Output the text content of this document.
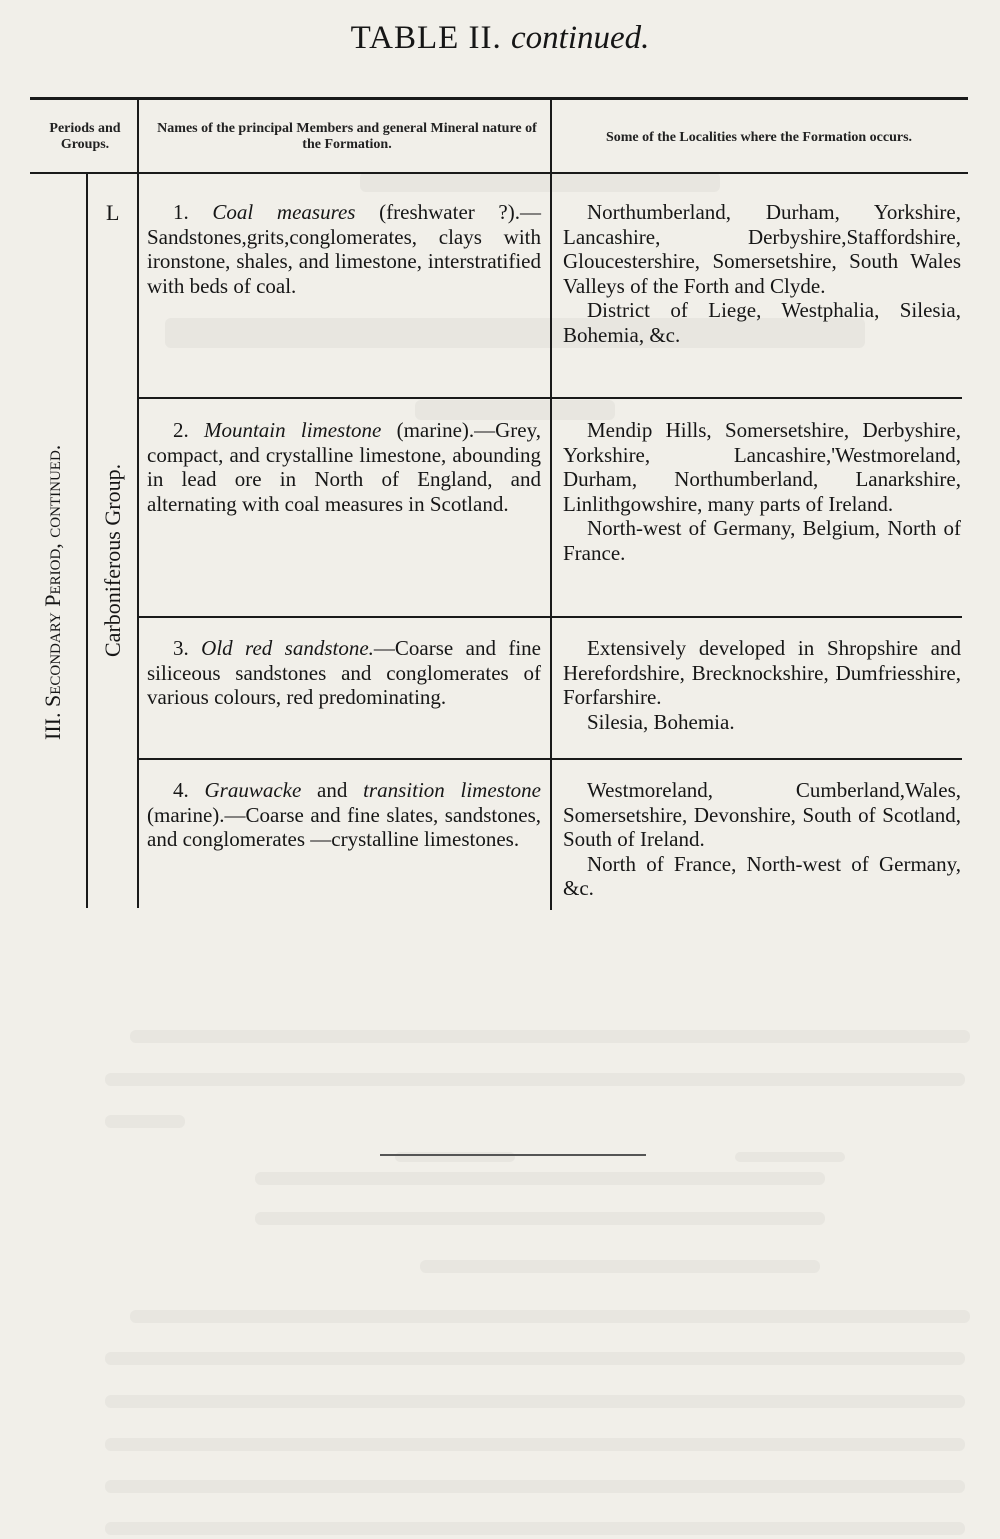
TABLE II. continued.
Periods and Groups.
Names of the principal Members and general Mineral nature of the Formation.	Some of the Localities where the Formation occurs.
III. Secondary Period, continued.
L
Carboniferous Group.
1. Coal measures (freshwater ?).—Sandstones,grits,conglomerates, clays with ironstone, shales, and limestone, interstratified with beds of coal.

Northumberland, Durham, Yorkshire, Lancashire, Derbyshire,Staffordshire, Gloucestershire, Somersetshire, South Wales Valleys of the Forth and Clyde.

District of Liege, Westphalia, Silesia, Bohemia, &c.

2. Mountain limestone (marine).—Grey, compact, and crystalline limestone, abounding in lead ore in North of England, and alternating with coal measures in Scotland.

Mendip Hills, Somersetshire, Derbyshire, Yorkshire, Lancashire,'Westmoreland, Durham, Northumberland, Lanarkshire, Linlithgowshire, many parts of Ireland.

North-west of Germany, Belgium, North of France.

3. Old red sandstone.—Coarse and fine siliceous sandstones and conglomerates of various colours, red predominating.

Extensively developed in Shropshire and Herefordshire, Brecknockshire, Dumfriesshire, Forfarshire.

Silesia, Bohemia.

4. Grauwacke and transition limestone (marine).—Coarse and fine slates, sandstones, and conglomerates —crystalline limestones.

Westmoreland, Cumberland,Wales, Somersetshire, Devonshire, South of Scotland, South of Ireland.

North of France, North-west of Germany, &c.
